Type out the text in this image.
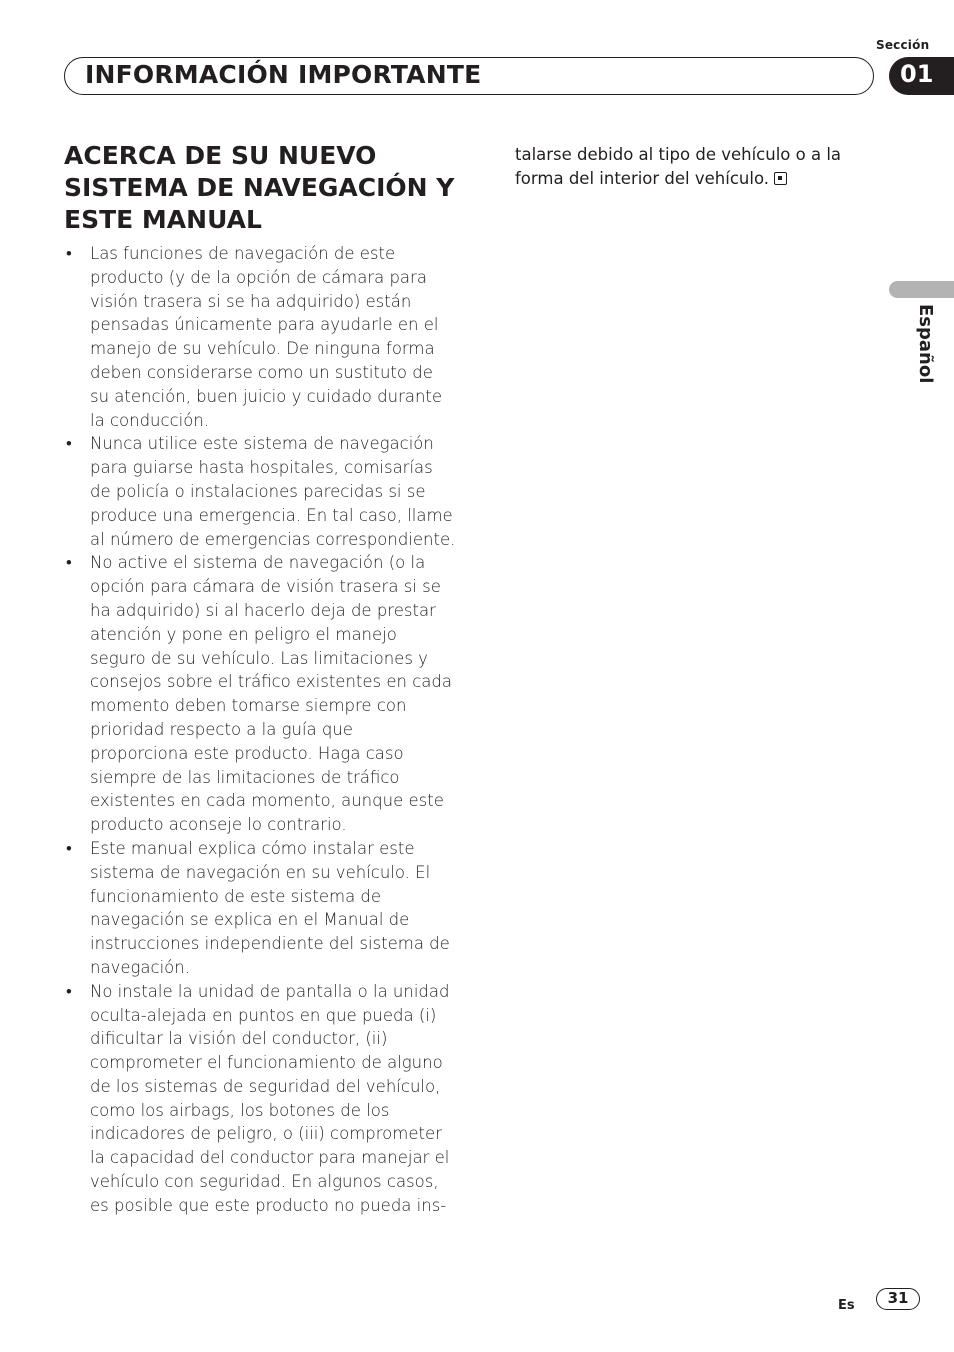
Sección
INFORMACIÓN IMPORTANTE	01
Español
ACERCA DE SU NUEVO SISTEMA DE NAVEGACIÓN Y ESTE MANUAL
• Las funciones de navegación de este producto (y de la opción de cámara para visión trasera si se ha adquirido) están pensadas únicamente para ayudarle en el manejo de su vehículo. De ninguna forma deben considerarse como un sustituto de su atención, buen juicio y cuidado durante la conducción.
• Nunca utilice este sistema de navegación para guiarse hasta hospitales, comisarías de policía o instalaciones parecidas si se produce una emergencia. En tal caso, llame al número de emergencias correspondiente.
• No active el sistema de navegación (o la opción para cámara de visión trasera si se ha adquirido) si al hacerlo deja de prestar atención y pone en peligro el manejo seguro de su vehículo. Las limitaciones y consejos sobre el tráfico existentes en cada momento deben tomarse siempre con prioridad respecto a la guía que proporciona este producto. Haga caso siempre de las limitaciones de tráfico existentes en cada momento, aunque este producto aconseje lo contrario.
• Este manual explica cómo instalar este sistema de navegación en su vehículo. El funcionamiento de este sistema de navegación se explica en el Manual de instrucciones independiente del sistema de navegación.
• No instale la unidad de pantalla o la unidad oculta-alejada en puntos en que pueda (i) dificultar la visión del conductor, (ii) comprometer el funcionamiento de alguno de los sistemas de seguridad del vehículo, como los airbags, los botones de los indicadores de peligro, o (iii) comprometer la capacidad del conductor para manejar el vehículo con seguridad. En algunos casos, es posible que este producto no pueda ins-
talarse debido al tipo de vehículo o a la forma del interior del vehículo.
Es	31
